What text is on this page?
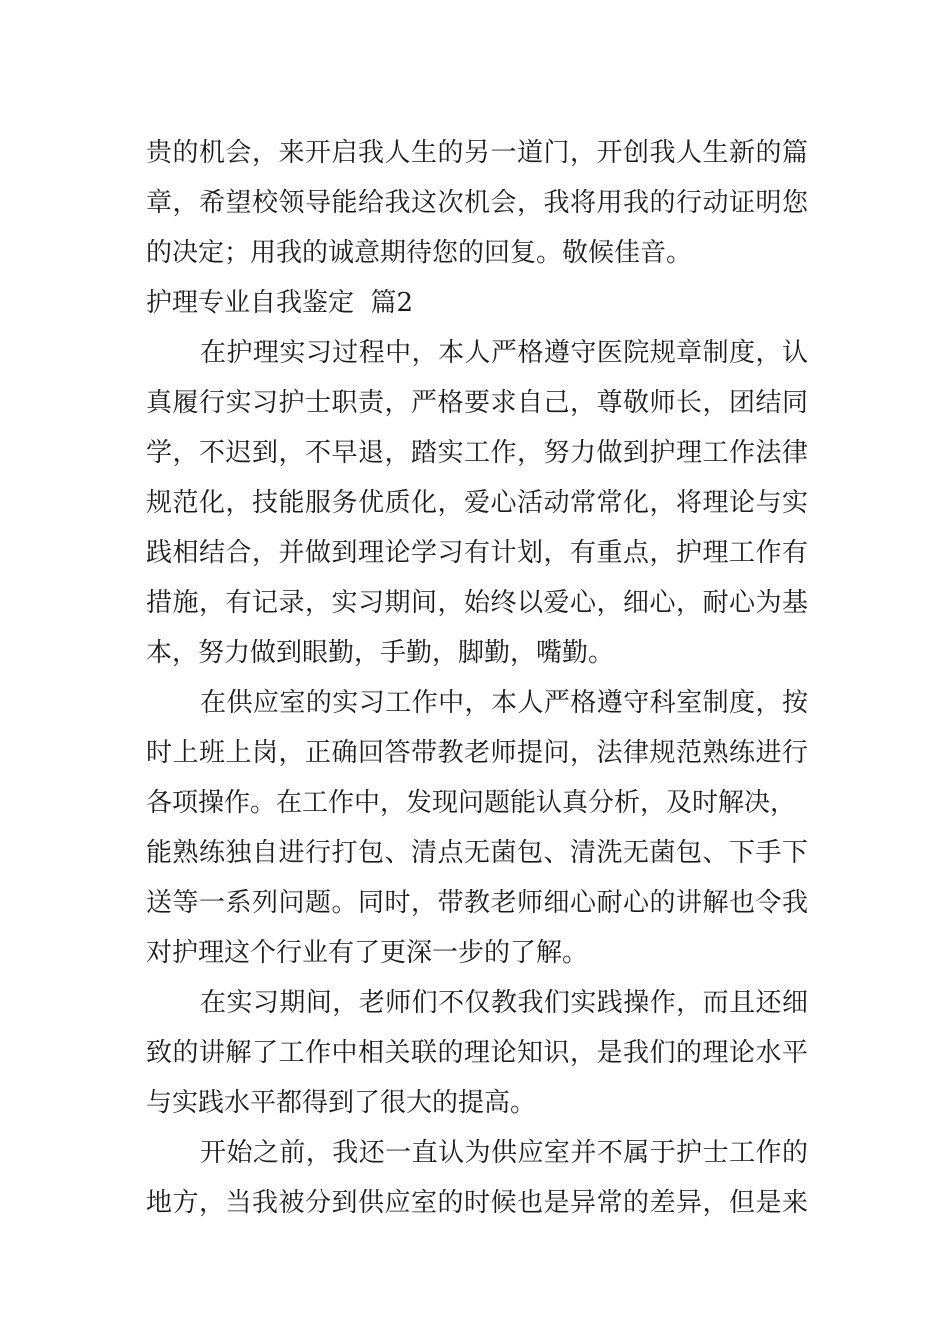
贵的机会，来开启我人生的另一道门，开创我人生新的篇
章，希望校领导能给我这次机会，我将用我的行动证明您
的决定；用我的诚意期待您的回复。敬候佳音。
护理专业自我鉴定  篇2
在护理实习过程中，本人严格遵守医院规章制度，认
真履行实习护士职责，严格要求自己，尊敬师长，团结同
学，不迟到，不早退，踏实工作，努力做到护理工作法律
规范化，技能服务优质化，爱心活动常常化，将理论与实
践相结合，并做到理论学习有计划，有重点，护理工作有
措施，有记录，实习期间，始终以爱心，细心，耐心为基
本，努力做到眼勤，手勤，脚勤，嘴勤。
在供应室的实习工作中，本人严格遵守科室制度，按
时上班上岗，正确回答带教老师提问，法律规范熟练进行
各项操作。在工作中，发现问题能认真分析，及时解决，
能熟练独自进行打包、清点无菌包、清洗无菌包、下手下
送等一系列问题。同时，带教老师细心耐心的讲解也令我
对护理这个行业有了更深一步的了解。
在实习期间，老师们不仅教我们实践操作，而且还细
致的讲解了工作中相关联的理论知识，是我们的理论水平
与实践水平都得到了很大的提高。
开始之前，我还一直认为供应室并不属于护士工作的
地方，当我被分到供应室的时候也是异常的差异，但是来
